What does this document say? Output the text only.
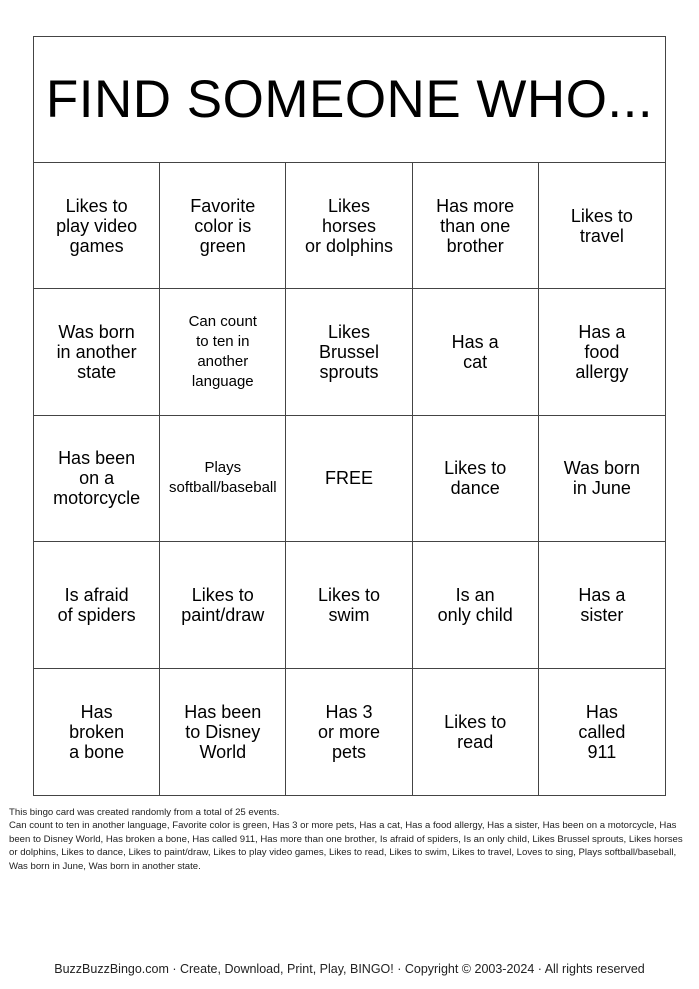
FIND SOMEONE WHO...
Likes to
play video
games
Favorite
color is
green
Likes
horses
or dolphins
Has more
than one
brother
Likes to
travel
Was born
in another
state
Can count
to ten in
another
language
Likes
Brussel
sprouts
Has a
cat
Has a
food
allergy
Has been
on a
motorcycle
Plays
softball/baseball	FREE	Likes to
dance
Was born
in June
Is afraid
of spiders
Likes to
paint/draw
Likes to
swim
Is an
only child
Has a
sister
Has
broken
a bone
Has been
to Disney
World
Has 3
or more
pets
Likes to
read
Has
called
911
This bingo card was created randomly from a total of 25 events.
Can count to ten in another language, Favorite color is green, Has 3 or more pets, Has a cat, Has a food allergy, Has a sister, Has been on a motorcycle, Has been to Disney World, Has broken a bone, Has called 911, Has more than one brother, Is afraid of spiders, Is an only child, Likes Brussel sprouts, Likes horses or dolphins, Likes to dance, Likes to paint/draw, Likes to play video games, Likes to read, Likes to swim, Likes to travel, Loves to sing, Plays softball/baseball, Was born in June, Was born in another state.
BuzzBuzzBingo.com · Create, Download, Print, Play, BINGO! · Copyright © 2003-2024 · All rights reserved
